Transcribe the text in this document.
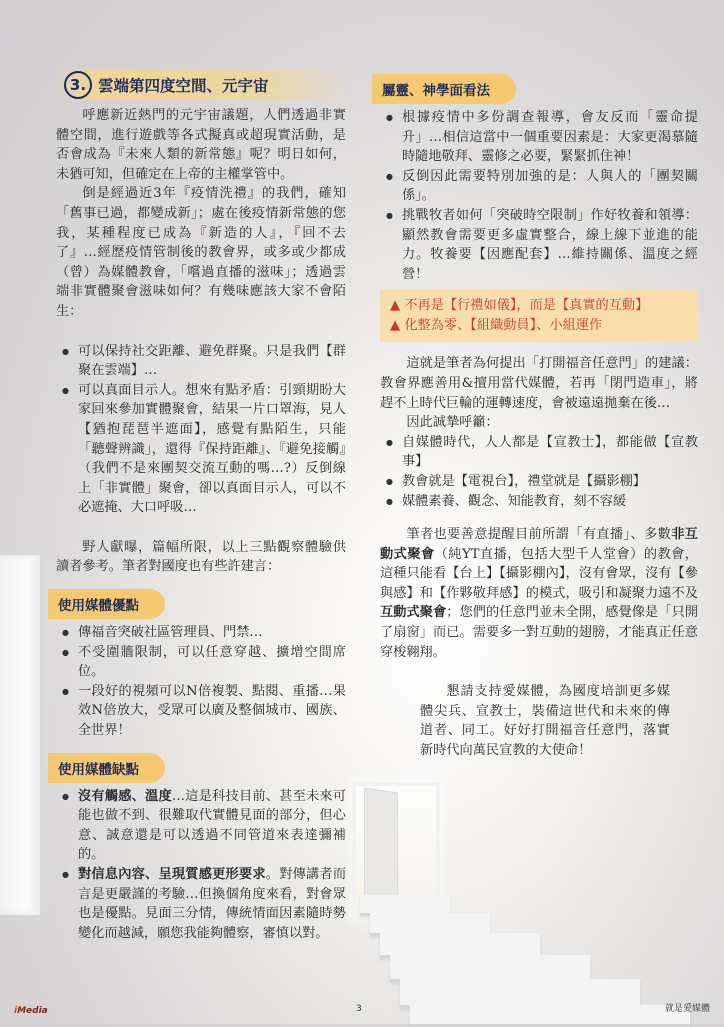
3. 雲端第四度空間、元宇宙

呼應新近熱門的元宇宙議題，人們透過非實體空間，進行遊戲等各式擬真或超現實活動，是否會成為『未來人類的新常態』呢？明日如何，未猶可知，但確定在上帝的主權掌管中。

倒是經過近3年『疫情洗禮』的我們，確知「舊事已過，都變成新」；處在後疫情新常態的您我，某種程度已成為『新造的人』，『回不去了』…經歷疫情管制後的教會界，或多或少都成（曾）為媒體教會，「嚐過直播的滋味」；透過雲端非實體聚會滋味如何？有幾味應該大家不會陌生：

● 可以保持社交距離、避免群聚。只是我們【群聚在雲端】…
● 可以真面目示人。想來有點矛盾：引頸期盼大家回來參加實體聚會，結果一片口罩海，見人【猶抱琵琶半遮面】，感覺有點陌生，只能「聽聲辨識」，還得『保持距離』、『避免接觸』（我們不是來團契交流互動的嗎…?）反倒線上「非實體」聚會，卻以真面目示人，可以不必遮掩、大口呼吸…

野人獻曝，篇幅所限，以上三點觀察體驗供讀者參考。筆者對國度也有些許建言：

使用媒體優點
● 傳福音突破社區管理員、門禁…
● 不受圍牆限制，可以任意穿越、擴增空間席位。
● 一段好的視頻可以N倍複製、點閱、重播…果效N倍放大，受眾可以廣及整個城市、國族、全世界！
使用媒體缺點
● 沒有觸感、溫度…這是科技目前、甚至未來可能也做不到、很難取代實體見面的部分，但心意、誠意還是可以透過不同管道來表達彌補的。
● 對信息內容、呈現質感更形要求。對傳講者而言是更嚴謹的考驗…但換個角度來看，對會眾也是優點。見面三分情，傳統情面因素隨時勢變化而越減，願您我能夠體察，審慎以對。
屬靈、神學面看法
● 根據疫情中多份調查報導，會友反而「靈命提升」…相信這當中一個重要因素是：大家更渴慕隨時隨地敬拜、靈修之必要，緊緊抓住神！
● 反倒因此需要特別加強的是：人與人的「團契關係」。
● 挑戰牧者如何「突破時空限制」作好牧養和領導：顯然教會需要更多虛實整合，線上線下並進的能力。牧養要【因應配套】…維持關係、溫度之經營！
▲ 不再是【行禮如儀】，而是【真實的互動】
▲ 化整為零、【組織動員】、小組運作

這就是筆者為何提出「打開福音任意門」的建議：教會界應善用&擅用當代媒體，若再「閉門造車」，將趕不上時代巨輪的運轉速度，會被遠遠拋棄在後…

因此誠摯呼籲：

● 自媒體時代，人人都是【宣教士】，都能做【宣教事】
● 教會就是【電視台】，禮堂就是【攝影棚】
● 媒體素養、觀念、知能教育，刻不容緩

筆者也要善意提醒目前所謂「有直播」、多數非互動式聚會（純YT直播，包括大型千人堂會）的教會，這種只能看【台上】【攝影棚內】，沒有會眾，沒有【參與感】和【作夥敬拜感】的模式，吸引和凝聚力遠不及互動式聚會；您們的任意門並未全開，感覺像是「只開了扇窗」而已。需要多一對互動的翅膀，才能真正任意穿梭翱翔。

懇請支持愛媒體，為國度培訓更多媒體尖兵、宣教士，裝備這世代和未來的傳道者、同工。好好打開福音任意門，落實新時代向萬民宣教的大使命！

iMedia	3	就是愛媒體
